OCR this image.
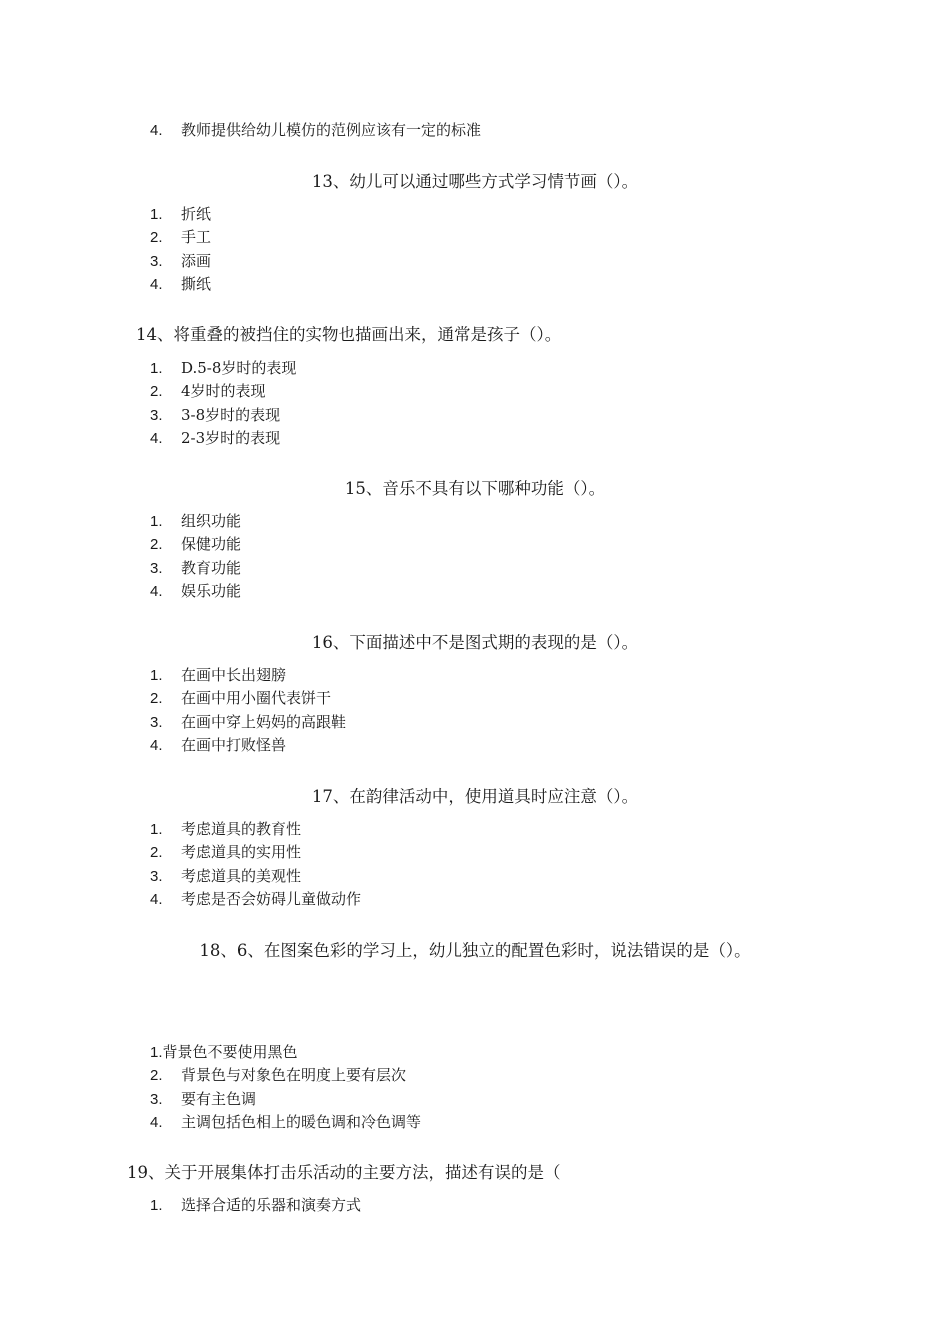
4. 教师提供给幼儿模仿的范例应该有一定的标准
13、幼儿可以通过哪些方式学习情节画（）。
1. 折纸
2. 手工
3. 添画
4. 撕纸
14、将重叠的被挡住的实物也描画出来，通常是孩子（）。
1. D.5-8岁时的表现
2. 4岁时的表现
3. 3-8岁时的表现
4. 2-3岁时的表现
15、音乐不具有以下哪种功能（）。
1. 组织功能
2. 保健功能
3. 教育功能
4. 娱乐功能
16、下面描述中不是图式期的表现的是（）。
1. 在画中长出翅膀
2. 在画中用小圈代表饼干
3. 在画中穿上妈妈的高跟鞋
4. 在画中打败怪兽
17、在韵律活动中，使用道具时应注意（）。
1. 考虑道具的教育性
2. 考虑道具的实用性
3. 考虑道具的美观性
4. 考虑是否会妨碍儿童做动作
18、6、在图案色彩的学习上，幼儿独立的配置色彩时，说法错误的是（）。
1.背景色不要使用黑色
2. 背景色与对象色在明度上要有层次
3. 要有主色调
4. 主调包括色相上的暖色调和冷色调等
19、关于开展集体打击乐活动的主要方法，描述有误的是（
1. 选择合适的乐器和演奏方式
